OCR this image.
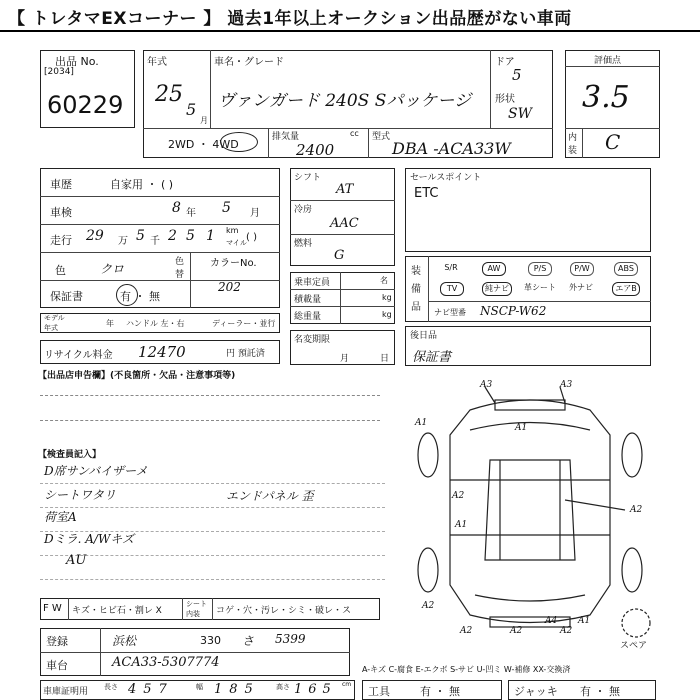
【 トレタマEXコーナー 】 過去1年以上オークション出品歴がない車両
出品 No.
[2034]
60229
年式
25
5
月
車名・グレード
ヴァンガード 240S Sパッケージ
ドア
5
形状
SW
2WD ・ 4WD
排気量	cc
2400
型式
DBA -ACA33W
評価点
3.5
内
装 C
車歴	自家用 ・ ( )
車検	8 年 5 月
走行 29 万 5 千 2 5 1 km
マイル ( )
色	クロ	色
替
カラーNo.
202
保証書	有 ・ 無
モデル
年式	年 ハンドル 左・右	ディーラー・並行
リサイクル料金 12470	円 預託済
シフト
AT
冷房
AAC
燃料
G
乗車定員	名
積載量	kg
総重量	kg
名変期限
月	日
セールスポイント
ETC
装
備
品
S/R	AW	P/S	P/W	ABS
TV	純ナビ	革シート	外ナビ	エアB
ナビ型番 NSCP-W62
後日品
保証書
【出品店申告欄】(不良箇所・欠品・注意事項等)
【検査員記入】
D席サンバイザーメ
シートワタリ
荷室A
Dミラ. A/Wキズ
AU
エンドパネル 歪
A3	A3
A1
A1
A2
A2
A1
A2
A2	A2	A2
A4 A1
スペア
F W キズ・ヒビ石・割レ X
シート
内装 コゲ・穴・汚レ・シミ・破レ・ス
登録	浜松	330 さ 5399
車台	ACA33-5307774	A-キズ C-腐食 E-エクボ S-サビ U-凹ミ W-補修 XX-交換済
車庫証明用 長さ 457	幅 185 高さ 165 cm
工具	有 ・ 無	ジャッキ 有 ・ 無
